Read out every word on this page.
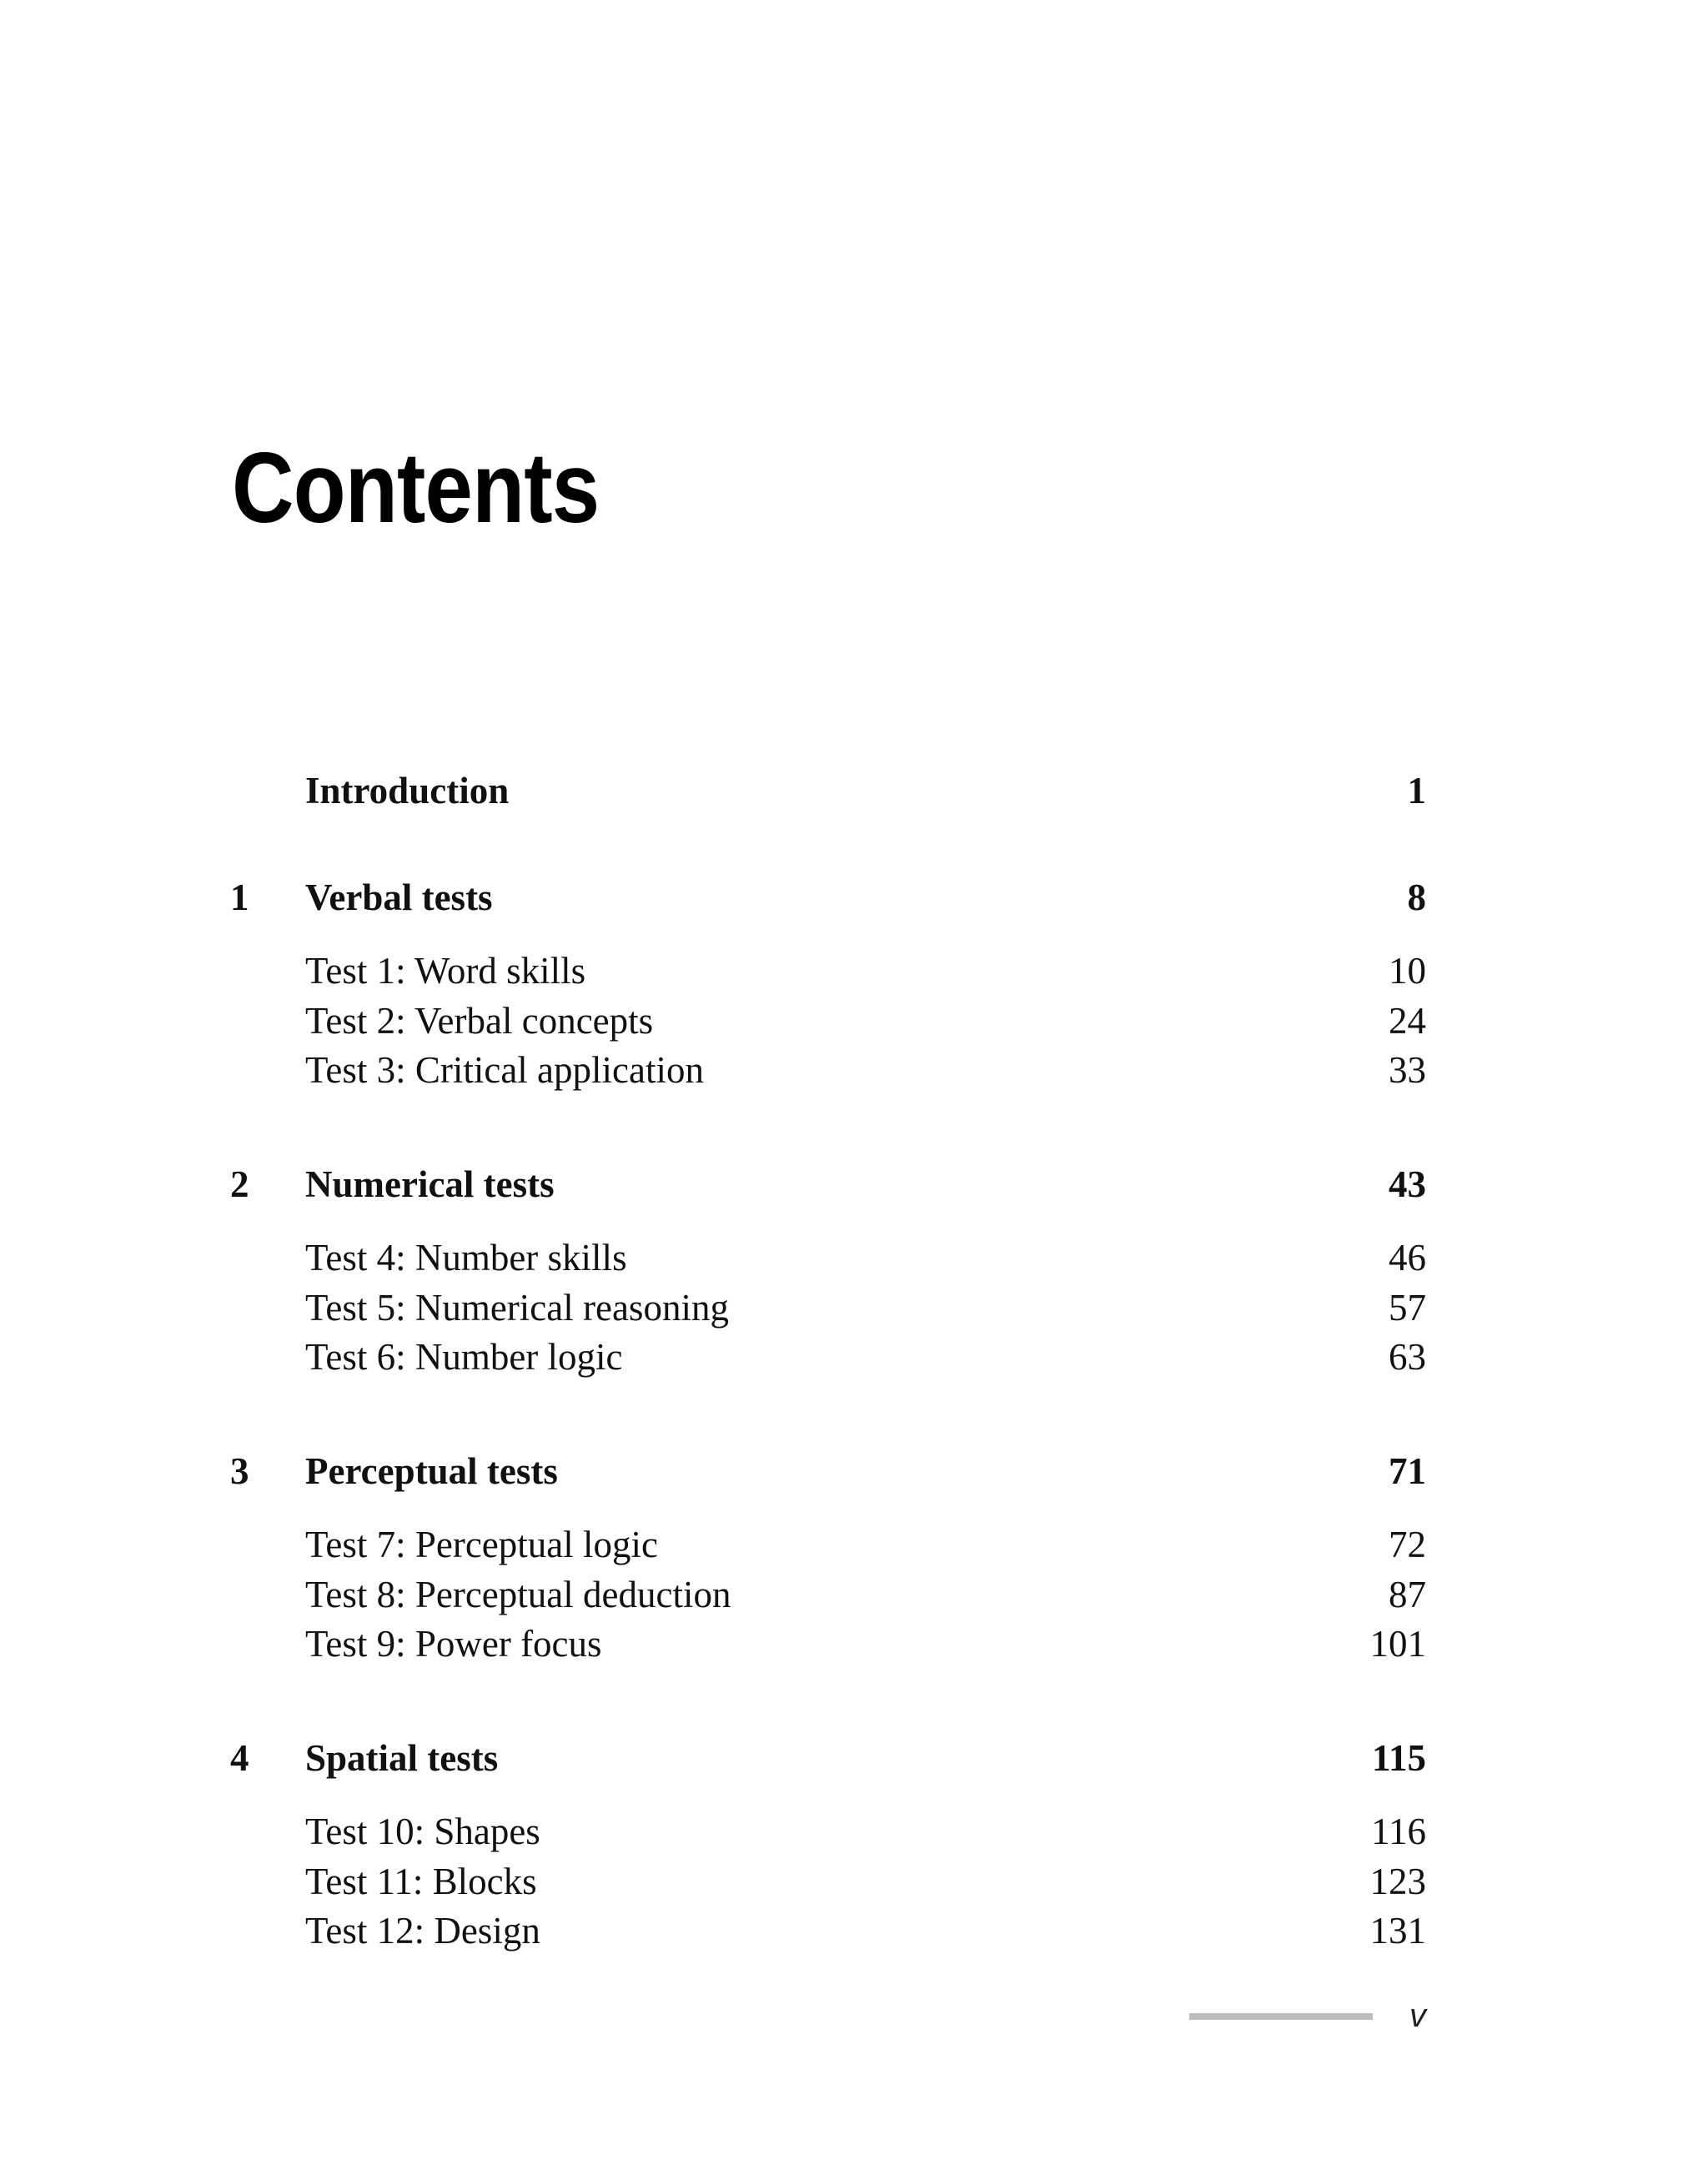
Contents
Introduction	1
1 Verbal tests	8
Test 1: Word skills	10
Test 2: Verbal concepts	24
Test 3: Critical application	33
2 Numerical tests	43
Test 4: Number skills	46
Test 5: Numerical reasoning	57
Test 6: Number logic	63
3 Perceptual tests	71
Test 7: Perceptual logic	72
Test 8: Perceptual deduction	87
Test 9: Power focus	101
4 Spatial tests	115
Test 10: Shapes	116
Test 11: Blocks	123
Test 12: Design	131
v
